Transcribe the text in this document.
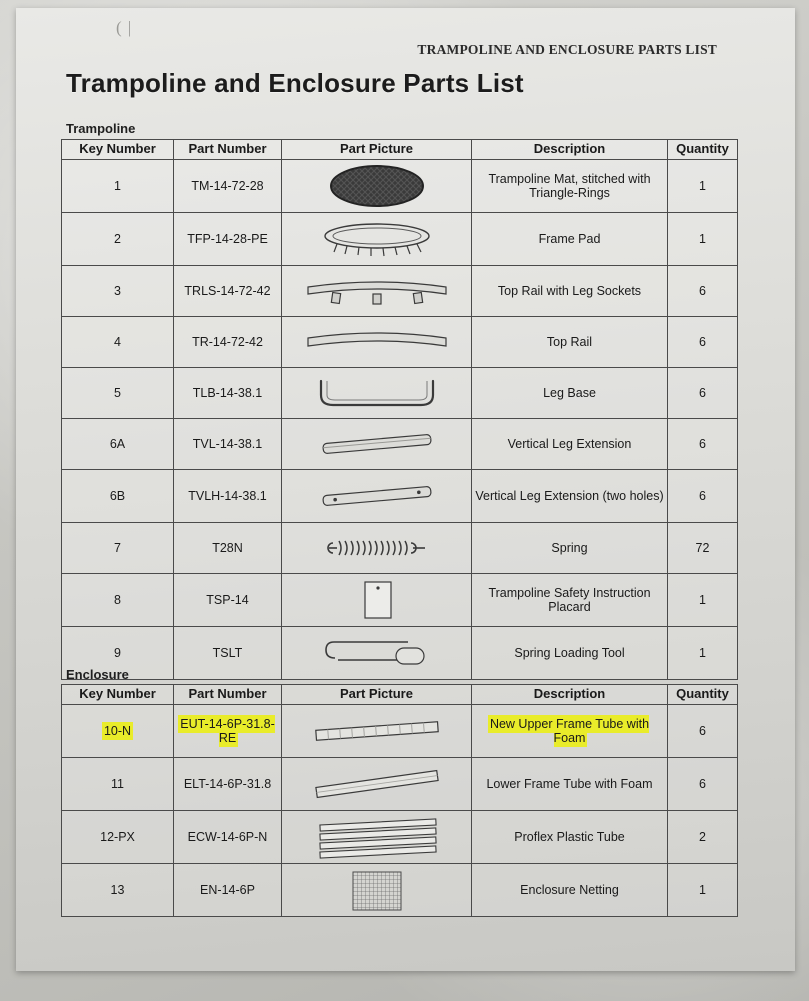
( |
TRAMPOLINE AND ENCLOSURE PARTS LIST
Trampoline and Enclosure Parts List
Trampoline
Key Number	Part Number	Part Picture	Description	Quantity
1	TM-14-72-28		Trampoline Mat, stitched with Triangle-Rings	1
2	TFP-14-28-PE		Frame Pad	1
3	TRLS-14-72-42		Top Rail with Leg Sockets	6
4	TR-14-72-42		Top Rail	6
5	TLB-14-38.1		Leg Base	6
6A	TVL-14-38.1		Vertical Leg Extension	6
6B	TVLH-14-38.1		Vertical Leg Extension (two holes)	6
7	T28N		Spring	72
8	TSP-14		Trampoline Safety Instruction Placard	1
9	TSLT		Spring Loading Tool	1
Enclosure
Key Number	Part Number	Part Picture	Description	Quantity
10-N	EUT-14-6P-31.8-RE		New Upper Frame Tube with Foam	6
11	ELT-14-6P-31.8		Lower Frame Tube with Foam	6
12-PX	ECW-14-6P-N		Proflex Plastic Tube	2
13	EN-14-6P		Enclosure Netting	1
